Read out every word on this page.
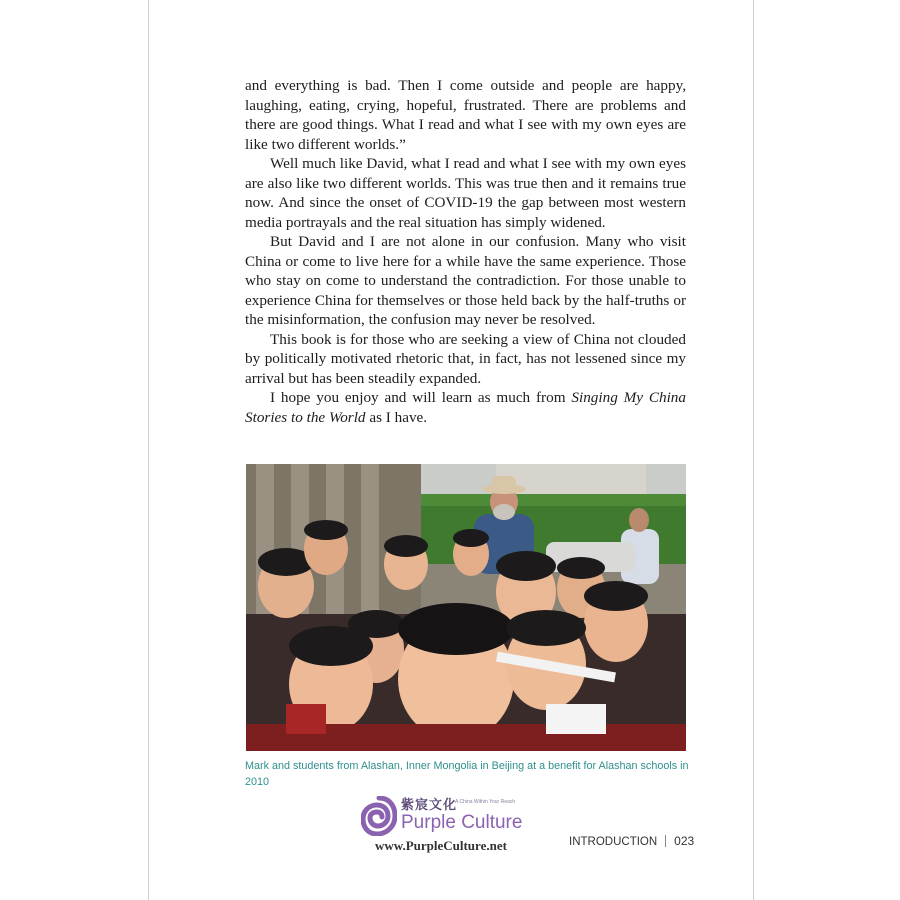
and everything is bad. Then I come outside and people are happy, laughing, eating, crying, hopeful, frustrated. There are problems and there are good things. What I read and what I see with my own eyes are like two different worlds.”

Well much like David, what I read and what I see with my own eyes are also like two different worlds. This was true then and it remains true now. And since the onset of COVID-19 the gap between most western media portrayals and the real situation has simply widened.

But David and I are not alone in our confusion. Many who visit China or come to live here for a while have the same experience. Those who stay on come to understand the contradiction. For those unable to experience China for themselves or those held back by the half-truths or the misinformation, the confusion may never be resolved.

This book is for those who are seeking a view of China not clouded by politically motivated rhetoric that, in fact, has not lessened since my arrival but has been steadily expanded.

I hope you enjoy and will learn as much from Singing My China Stories to the World as I have.

Mark and students from Alashan, Inner Mongolia in Beijing at a benefit for Alashan schools in 2010
紫宸文化
A China Within Your Reach
Purple Culture
www.PurpleCulture.net	INTRODUCTION 023
